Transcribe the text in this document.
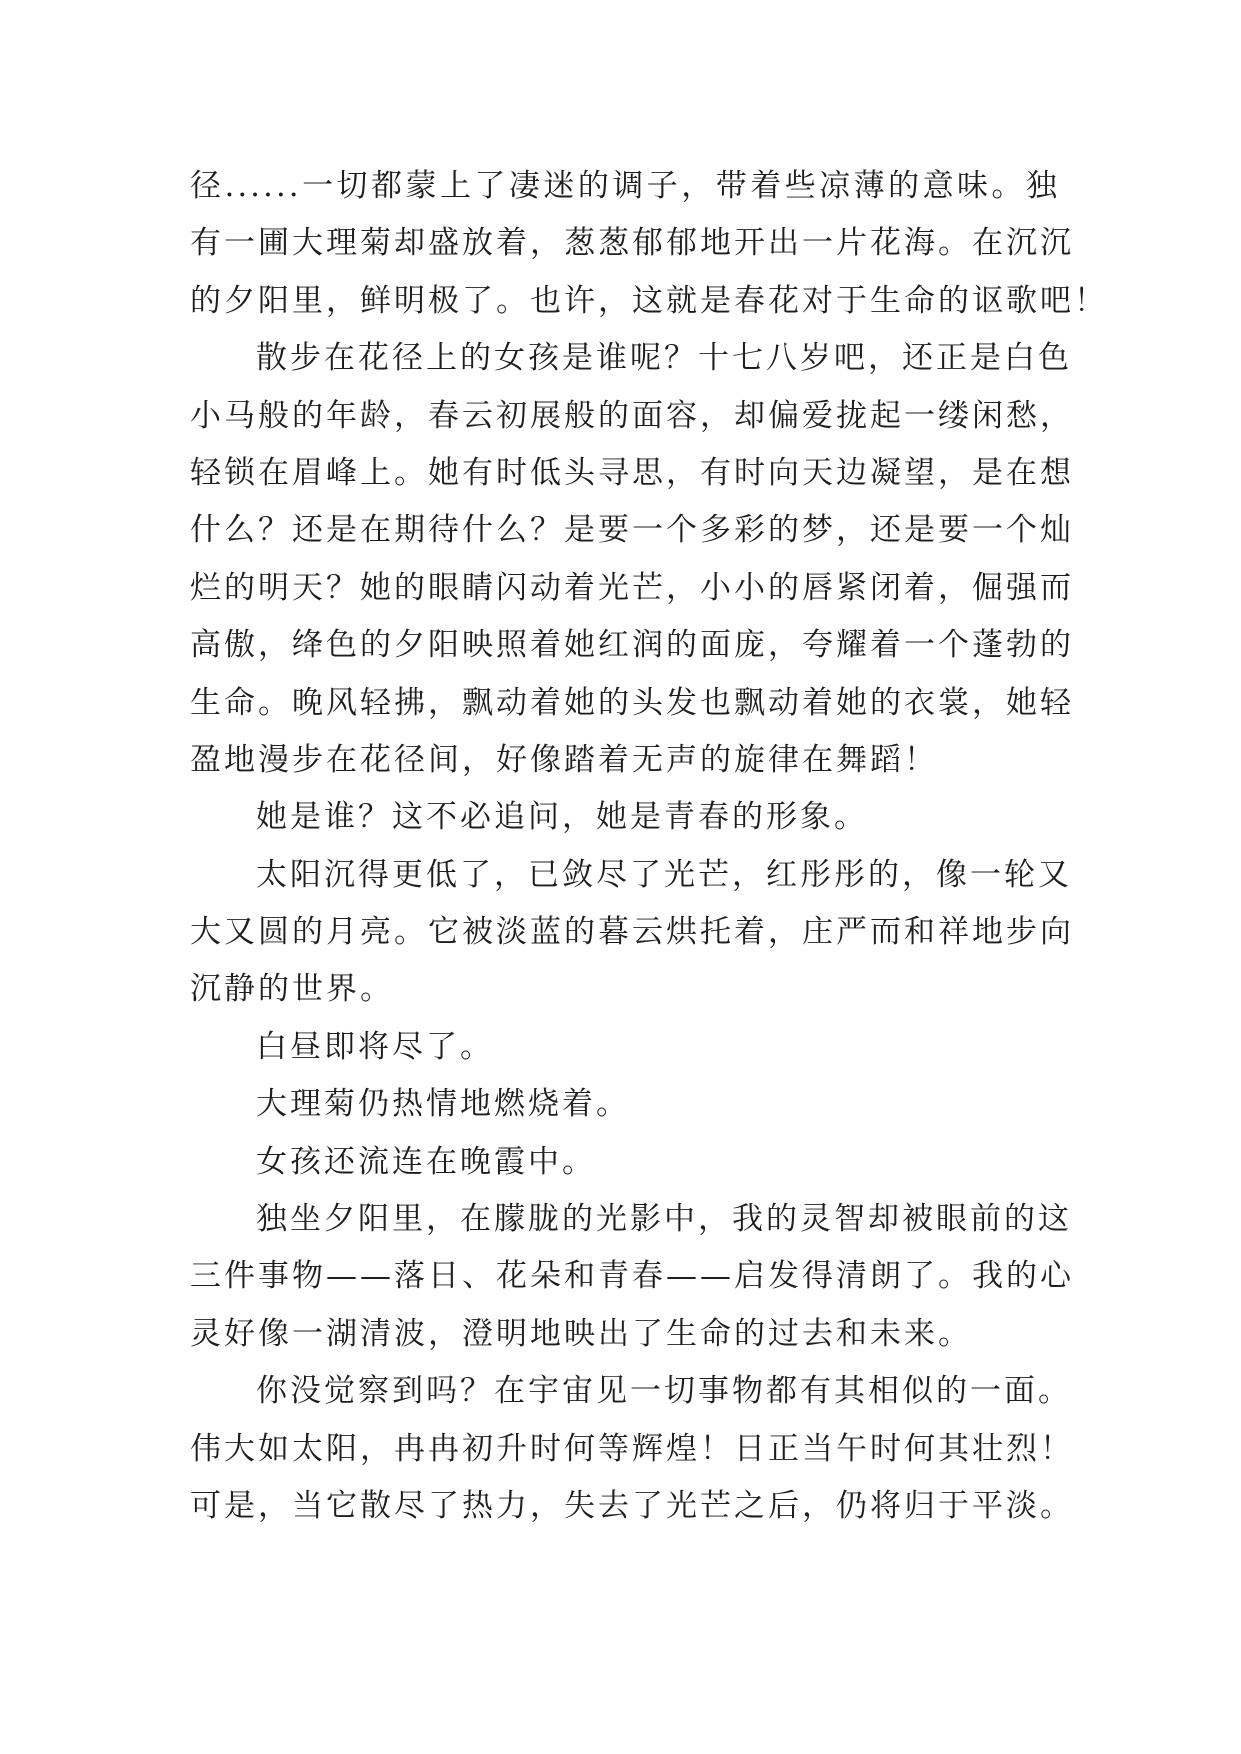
径......一切都蒙上了凄迷的调子，带着些凉薄的意味。独
有一圃大理菊却盛放着，葱葱郁郁地开出一片花海。在沉沉
的夕阳里，鲜明极了。也许，这就是春花对于生命的讴歌吧！
散步在花径上的女孩是谁呢？十七八岁吧，还正是白色
小马般的年龄，春云初展般的面容，却偏爱拢起一缕闲愁，
轻锁在眉峰上。她有时低头寻思，有时向天边凝望，是在想
什么？还是在期待什么？是要一个多彩的梦，还是要一个灿
烂的明天？她的眼睛闪动着光芒，小小的唇紧闭着，倔强而
高傲，绛色的夕阳映照着她红润的面庞，夸耀着一个蓬勃的
生命。晚风轻拂，飘动着她的头发也飘动着她的衣裳，她轻
盈地漫步在花径间，好像踏着无声的旋律在舞蹈！
她是谁？这不必追问，她是青春的形象。
太阳沉得更低了，已敛尽了光芒，红彤彤的，像一轮又
大又圆的月亮。它被淡蓝的暮云烘托着，庄严而和祥地步向
沉静的世界。
白昼即将尽了。
大理菊仍热情地燃烧着。
女孩还流连在晚霞中。
独坐夕阳里，在朦胧的光影中，我的灵智却被眼前的这
三件事物——落日、花朵和青春——启发得清朗了。我的心
灵好像一湖清波，澄明地映出了生命的过去和未来。
你没觉察到吗？在宇宙见一切事物都有其相似的一面。
伟大如太阳，冉冉初升时何等辉煌！日正当午时何其壮烈！
可是，当它散尽了热力，失去了光芒之后，仍将归于平淡。
